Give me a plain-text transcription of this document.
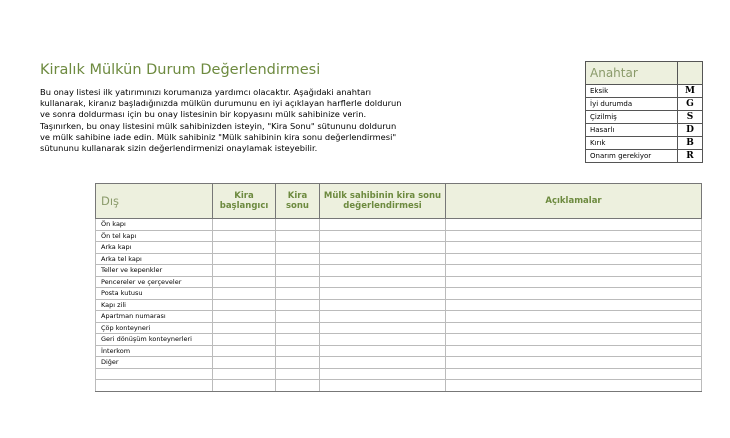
Kiralık Mülkün Durum Değerlendirmesi
Bu onay listesi ilk yatırımınızı korumanıza yardımcı olacaktır. Aşağıdaki anahtarı
kullanarak, kiranız başladığınızda mülkün durumunu en iyi açıklayan harflerle doldurun
ve sonra doldurması için bu onay listesinin bir kopyasını mülk sahibinize verin.
Taşınırken, bu onay listesini mülk sahibinizden isteyin, "Kira Sonu" sütununu doldurun
ve mülk sahibine iade edin. Mülk sahibiniz "Mülk sahibinin kira sonu değerlendirmesi"
sütununu kullanarak sizin değerlendirmenizi onaylamak isteyebilir.
Anahtar	
Eksik	M
İyi durumda	G
Çizilmiş	S
Hasarlı	D
Kırık	B
Onarım gerekiyor	R
Dış	Kira başlangıcı	Kira sonu	Mülk sahibinin kira sonu değerlendirmesi	Açıklamalar
Ön kapı				
Ön tel kapı				
Arka kapı				
Arka tel kapı				
Teller ve kepenkler				
Pencereler ve çerçeveler				
Posta kutusu				
Kapı zili				
Apartman numarası				
Çöp konteyneri				
Geri dönüşüm konteynerleri				
İnterkom				
Diğer				
